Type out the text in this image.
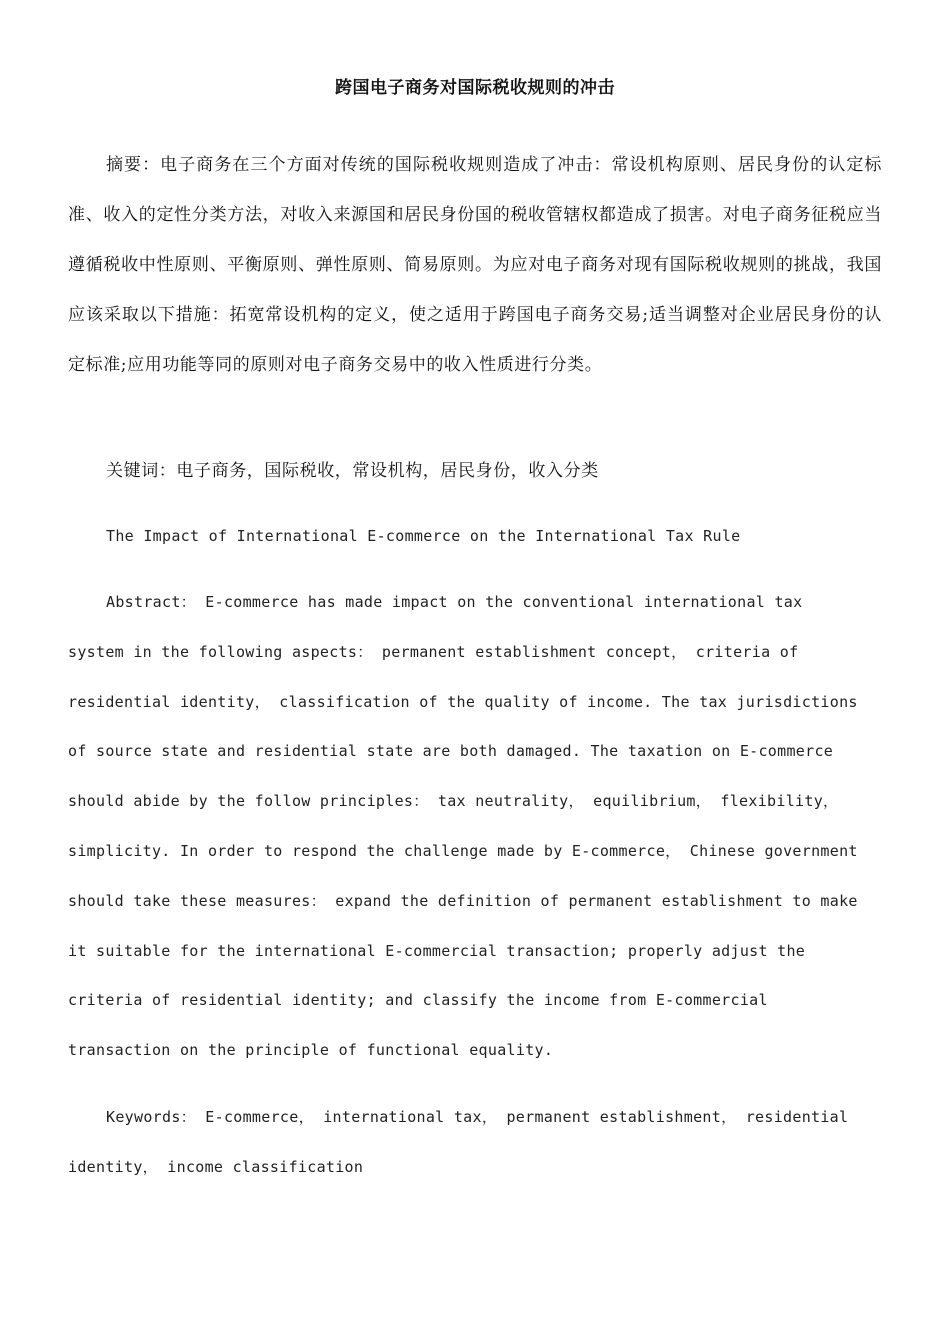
跨国电子商务对国际税收规则的冲击

摘要：电子商务在三个方面对传统的国际税收规则造成了冲击：常设机构原则、居民身份的认定标准、收入的定性分类方法，对收入来源国和居民身份国的税收管辖权都造成了损害。对电子商务征税应当遵循税收中性原则、平衡原则、弹性原则、简易原则。为应对电子商务对现有国际税收规则的挑战，我国应该采取以下措施：拓宽常设机构的定义，使之适用于跨国电子商务交易;适当调整对企业居民身份的认定标准;应用功能等同的原则对电子商务交易中的收入性质进行分类。

关键词：电子商务，国际税收，常设机构，居民身份，收入分类

The Impact of International E-commerce on the International Tax Rule

Abstract： E-commerce has made impact on the conventional international tax
system in the following aspects： permanent establishment concept， criteria of
residential identity， classification of the quality of income. The tax jurisdictions
of source state and residential state are both damaged. The taxation on E-commerce
should abide by the follow principles： tax neutrality， equilibrium， flexibility，
simplicity. In order to respond the challenge made by E-commerce， Chinese government
should take these measures： expand the definition of permanent establishment to make
it suitable for the international E-commercial transaction; properly adjust the
criteria of residential identity; and classify the income from E-commercial
transaction on the principle of functional equality.
Keywords： E-commerce， international tax， permanent establishment， residential
identity， income classification
